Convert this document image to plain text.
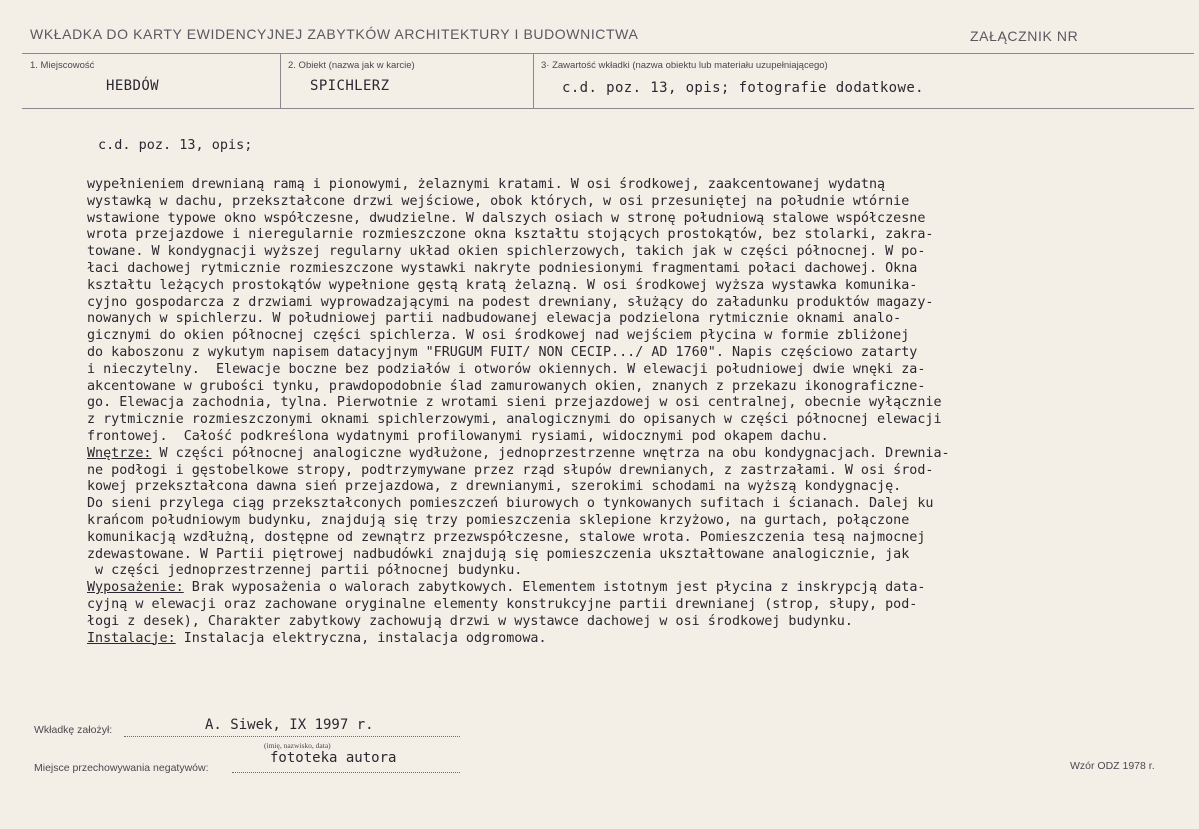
WKŁADKA DO KARTY EWIDENCYJNEJ ZABYTKÓW ARCHITEKTURY I BUDOWNICTWA	ZAŁĄCZNIK NR
1. Miejscowość
HEBDÓW
2. Obiekt (nazwa jak w karcie)
SPICHLERZ
3· Zawartość wkładki (nazwa obiektu lub materiału uzupełniającego)
c.d. poz. 13, opis; fotografie dodatkowe.
c.d. poz. 13, opis;
wypełnieniem drewnianą ramą i pionowymi, żelaznymi kratami. W osi środkowej, zaakcentowanej wydatną
wystawką w dachu, przekształcone drzwi wejściowe, obok których, w osi przesuniętej na południe wtórnie
wstawione typowe okno współczesne, dwudzielne. W dalszych osiach w stronę południową stalowe współczesne
wrota przejazdowe i nieregularnie rozmieszczone okna kształtu stojących prostokątów, bez stolarki, zakra-
towane. W kondygnacji wyższej regularny układ okien spichlerzowych, takich jak w części północnej. W po-
łaci dachowej rytmicznie rozmieszczone wystawki nakryte podniesionymi fragmentami połaci dachowej. Okna
kształtu leżących prostokątów wypełnione gęstą kratą żelazną. W osi środkowej wyższa wystawka komunika-
cyjno gospodarcza z drzwiami wyprowadzającymi na podest drewniany, służący do załadunku produktów magazy-
nowanych w spichlerzu. W południowej partii nadbudowanej elewacja podzielona rytmicznie oknami analo-
gicznymi do okien północnej części spichlerza. W osi środkowej nad wejściem płycina w formie zbliżonej
do kaboszonu z wykutym napisem datacyjnym "FRUGUM FUIT/ NON CECIP.../ AD 1760". Napis częściowo zatarty
i nieczytelny.  Elewacje boczne bez podziałów i otworów okiennych. W elewacji południowej dwie wnęki za-
akcentowane w grubości tynku, prawdopodobnie ślad zamurowanych okien, znanych z przekazu ikonograficzne-
go. Elewacja zachodnia, tylna. Pierwotnie z wrotami sieni przejazdowej w osi centralnej, obecnie wyłącznie
z rytmicznie rozmieszczonymi oknami spichlerzowymi, analogicznymi do opisanych w części północnej elewacji
frontowej.  Całość podkreślona wydatnymi profilowanymi rysiami, widocznymi pod okapem dachu.
Wnętrze: W części północnej analogiczne wydłużone, jednoprzestrzenne wnętrza na obu kondygnacjach. Drewnia-
ne podłogi i gęstobelkowe stropy, podtrzymywane przez rząd słupów drewnianych, z zastrzałami. W osi środ-
kowej przekształcona dawna sień przejazdowa, z drewnianymi, szerokimi schodami na wyższą kondygnację.
Do sieni przylega ciąg przekształconych pomieszczeń biurowych o tynkowanych sufitach i ścianach. Dalej ku
krańcom południowym budynku, znajdują się trzy pomieszczenia sklepione krzyżowo, na gurtach, połączone
komunikacją wzdłużną, dostępne od zewnątrz przezwspółczesne, stalowe wrota. Pomieszczenia tesą najmocnej
zdewastowane. W Partii piętrowej nadbudówki znajdują się pomieszczenia ukształtowane analogicznie, jak
w części jednoprzestrzennej partii północnej budynku.
Wyposażenie: Brak wyposażenia o walorach zabytkowych. Elementem istotnym jest płycina z inskrypcją data-
cyjną w elewacji oraz zachowane oryginalne elementy konstrukcyjne partii drewnianej (strop, słupy, pod-
łogi z desek), Charakter zabytkowy zachowują drzwi w wystawce dachowej w osi środkowej budynku.
Instalacje: Instalacja elektryczna, instalacja odgromowa.
Wkładkę założył:	A. Siwek, IX 1997 r.
(imię, nazwisko, data)
Miejsce przechowywania negatywów:
fototeka autora	Wzór ODZ 1978 r.
